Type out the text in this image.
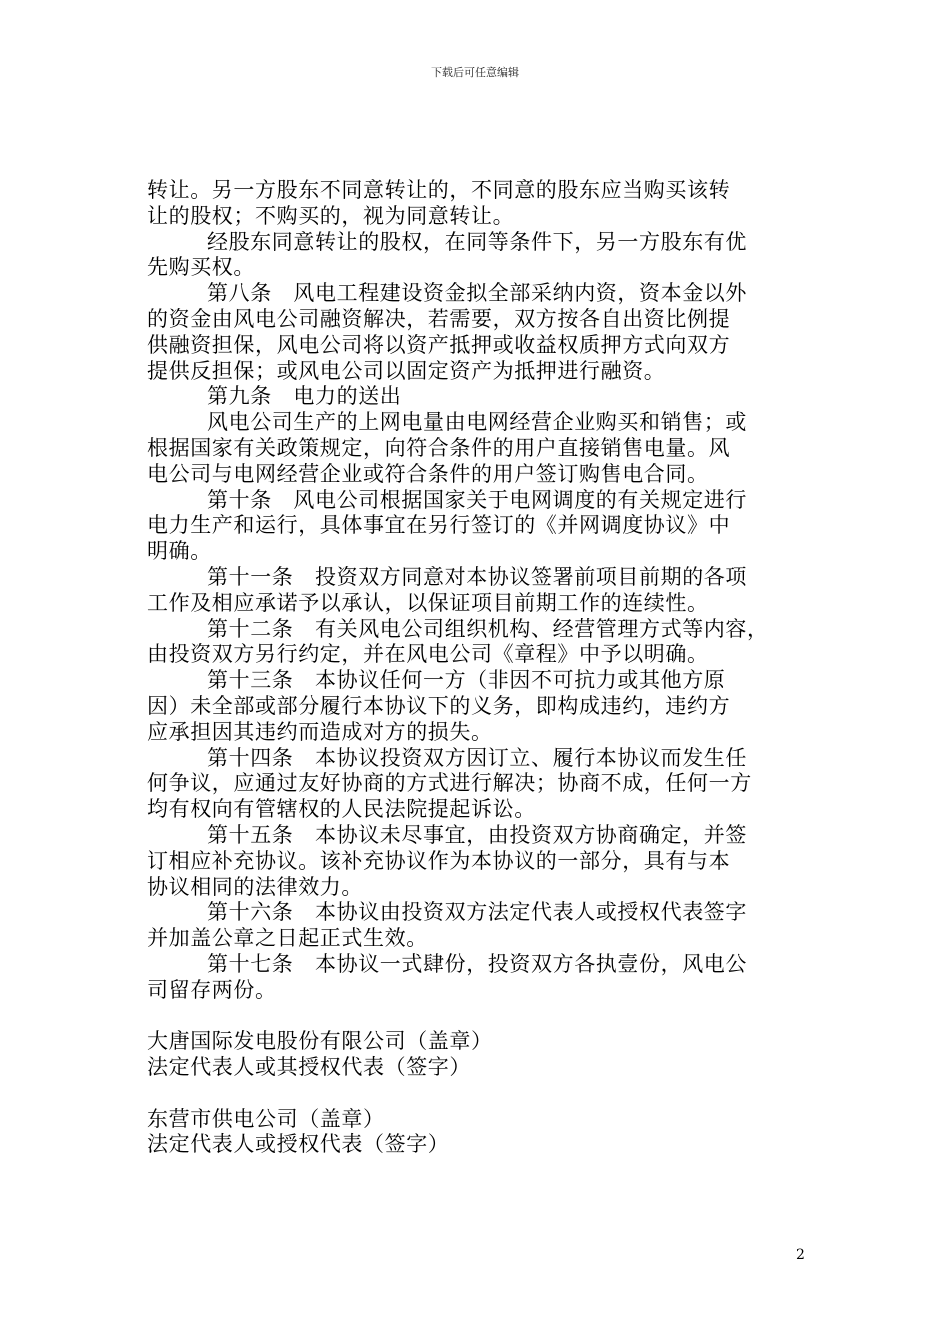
下载后可任意编辑
转让。另一方股东不同意转让的，不同意的股东应当购买该转
让的股权；不购买的，视为同意转让。
经股东同意转让的股权，在同等条件下，另一方股东有优
先购买权。
第八条　风电工程建设资金拟全部采纳内资，资本金以外
的资金由风电公司融资解决，若需要，双方按各自出资比例提
供融资担保，风电公司将以资产抵押或收益权质押方式向双方
提供反担保；或风电公司以固定资产为抵押进行融资。
第九条　电力的送出
风电公司生产的上网电量由电网经营企业购买和销售；或
根据国家有关政策规定，向符合条件的用户直接销售电量。风
电公司与电网经营企业或符合条件的用户签订购售电合同。
第十条　风电公司根据国家关于电网调度的有关规定进行
电力生产和运行，具体事宜在另行签订的《并网调度协议》中
明确。
第十一条　投资双方同意对本协议签署前项目前期的各项
工作及相应承诺予以承认，以保证项目前期工作的连续性。
第十二条　有关风电公司组织机构、经营管理方式等内容，
由投资双方另行约定，并在风电公司《章程》中予以明确。
第十三条　本协议任何一方（非因不可抗力或其他方原
因）未全部或部分履行本协议下的义务，即构成违约，违约方
应承担因其违约而造成对方的损失。
第十四条　本协议投资双方因订立、履行本协议而发生任
何争议，应通过友好协商的方式进行解决；协商不成，任何一方
均有权向有管辖权的人民法院提起诉讼。
第十五条　本协议未尽事宜，由投资双方协商确定，并签
订相应补充协议。该补充协议作为本协议的一部分，具有与本
协议相同的法律效力。
第十六条　本协议由投资双方法定代表人或授权代表签字
并加盖公章之日起正式生效。
第十七条　本协议一式肆份，投资双方各执壹份，风电公
司留存两份。
大唐国际发电股份有限公司（盖章）
法定代表人或其授权代表（签字）
东营市供电公司（盖章）
法定代表人或授权代表（签字）
2
